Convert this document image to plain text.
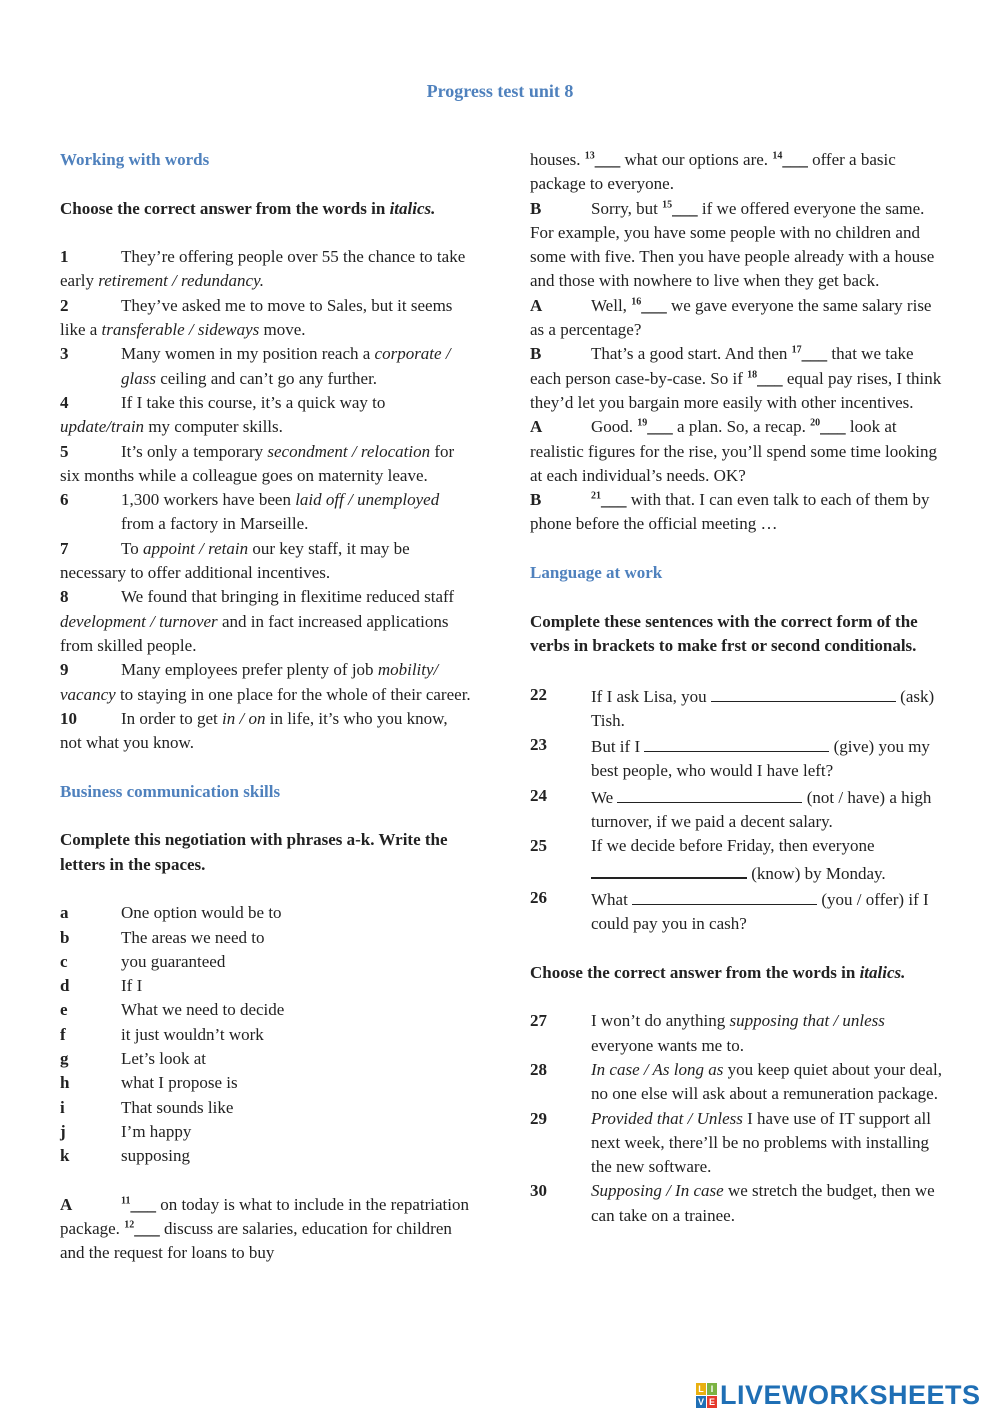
Progress test unit 8
Working with words
Choose the correct answer from the words in italics.
1	They’re offering people over 55 the chance to take early retirement / redundancy.
2	They’ve asked me to move to Sales, but it seems like a transferable / sideways move.
3	Many women in my position reach a corporate / glass ceiling and can’t go any further.
4	If I take this course, it’s a quick way to update/train my computer skills.
5	It’s only a temporary secondment / relocation for six months while a colleague goes on maternity leave.
6	1,300 workers have been laid off / unemployed from a factory in Marseille.
7	To appoint / retain our key staff, it may be necessary to offer additional incentives.
8	We found that bringing in flexitime reduced staff development / turnover and in fact increased applications from skilled people.
9	Many employees prefer plenty of job mobility/ vacancy to staying in one place for the whole of their career.
10	In order to get in / on in life, it’s who you know, not what you know.
Business communication skills
Complete this negotiation with phrases a-k. Write the letters in the spaces.
a	One option would be to
b	The areas we need to
c	you guaranteed
d	If I
e	What we need to decide
f	it just wouldn’t work
g	Let’s look at
h	what I propose is
i	That sounds like
j	I’m happy
k	supposing
A	$^{11}$___ on today is what to include in the repatriation package. $^{12}$___ discuss are salaries, education for children and the request for loans to buy
houses. $^{13}$___ what our options are. $^{14}$___ offer a basic package to everyone.
B	Sorry, but $^{15}$___ if we offered everyone the same. For example, you have some people with no children and some with five. Then you have people already with a house and those with nowhere to live when they get back.
A	Well, $^{16}$___ we gave everyone the same salary rise as a percentage?
B	That’s a good start. And then $^{17}$___ that we take each person case-by-case. So if $^{18}$___ equal pay rises, I think they’d let you bargain more easily with other incentives.
A	Good. $^{19}$___ a plan. So, a recap. $^{20}$___ look at realistic figures for the rise, you’ll spend some time looking at each individual’s needs. OK?
B	$^{21}$___ with that. I can even talk to each of them by phone before the official meeting …
Language at work
Complete these sentences with the correct form of the verbs in brackets to make frst or second conditionals.
22	If I ask Lisa, you	(ask) Tish.
23	But if I	(give) you my best people, who would I have left?
24	We	(not / have) a high turnover, if we paid a decent salary.
25	If we decide before Friday, then everyone  (know) by Monday.
26	What	(you / offer) if I could pay you in cash?
Choose the correct answer from the words in italics.
27	I won’t do anything supposing that / unless everyone wants me to.
28	In case / As long as you keep quiet about your deal, no one else will ask about a remuneration package.
29	Provided that / Unless I have use of IT support all next week, there’ll be no problems with installing the new software.
30	Supposing / In case we stretch the budget, then we can take on a trainee.
L I
V E LIVEWORKSHEETS
